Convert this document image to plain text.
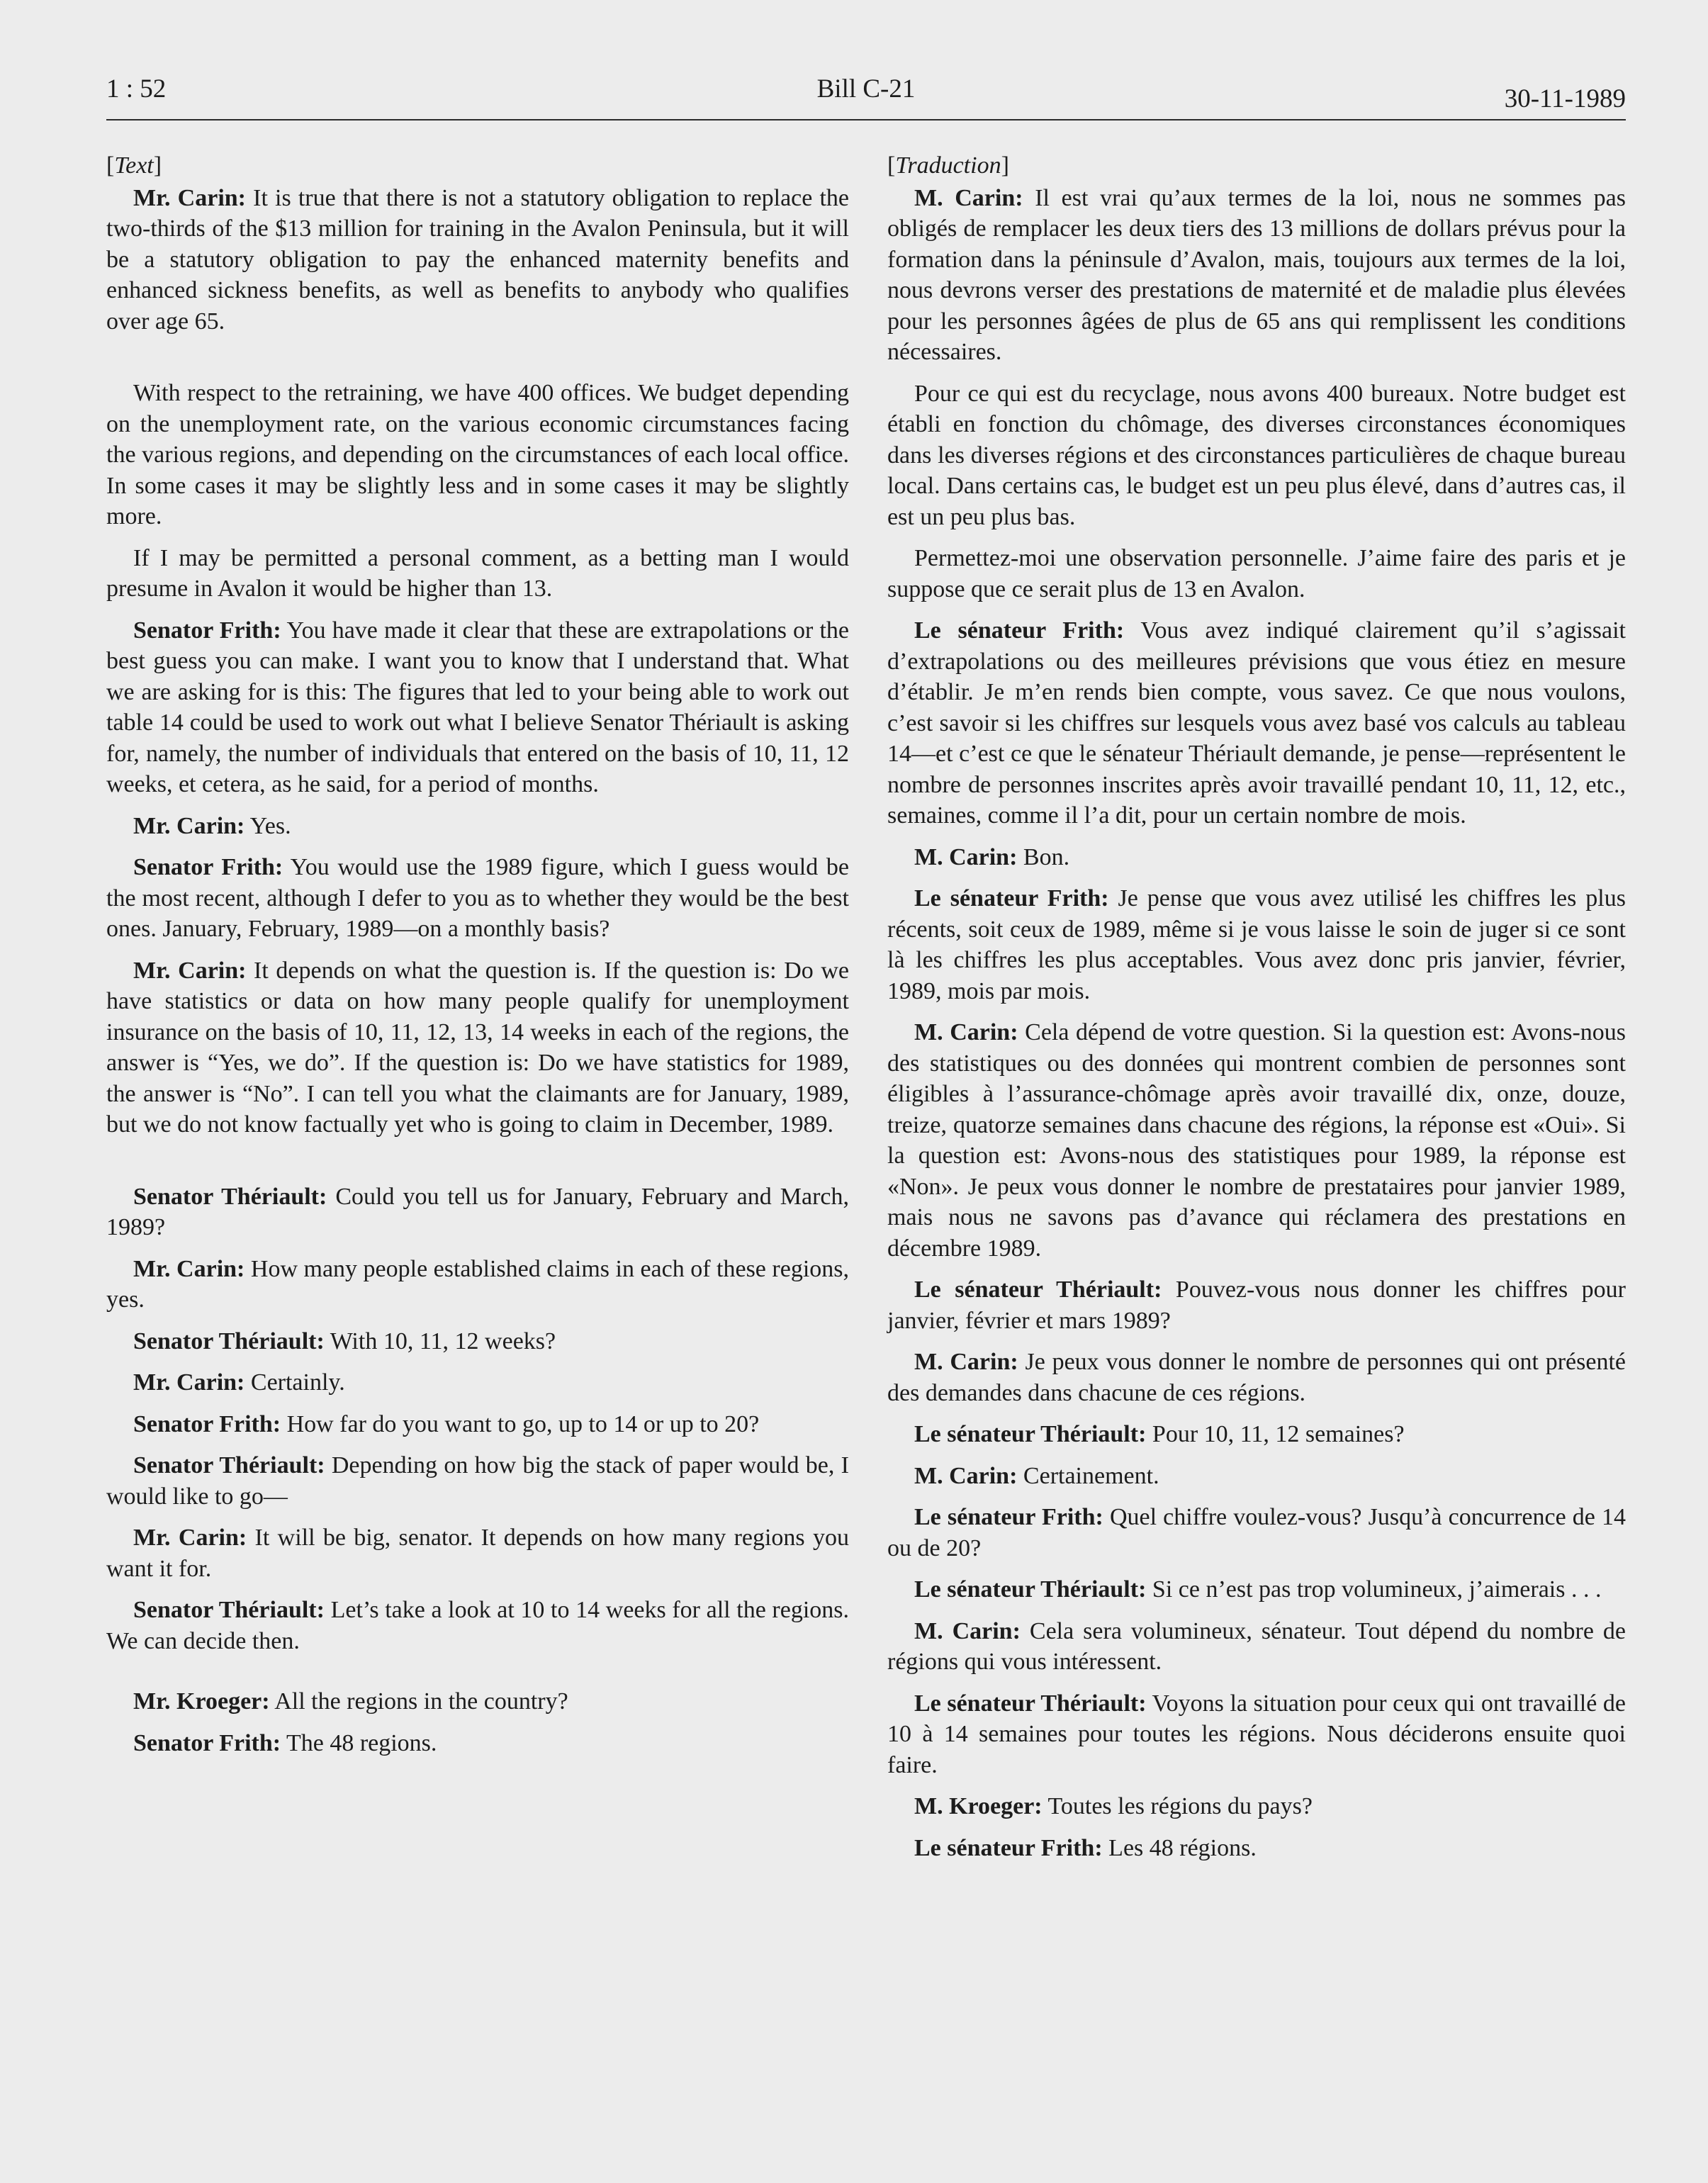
1 : 52	Bill C-21	30-11-1989

[Text]

Mr. Carin: It is true that there is not a statutory obligation to replace the two-thirds of the $13 million for training in the Avalon Peninsula, but it will be a statutory obligation to pay the enhanced maternity benefits and enhanced sickness benefits, as well as benefits to anybody who qualifies over age 65.

With respect to the retraining, we have 400 offices. We budget depending on the unemployment rate, on the various economic circumstances facing the various regions, and depending on the circumstances of each local office. In some cases it may be slightly less and in some cases it may be slightly more.

If I may be permitted a personal comment, as a betting man I would presume in Avalon it would be higher than 13.

Senator Frith: You have made it clear that these are extrapolations or the best guess you can make. I want you to know that I understand that. What we are asking for is this: The figures that led to your being able to work out table 14 could be used to work out what I believe Senator Thériault is asking for, namely, the number of individuals that entered on the basis of 10, 11, 12 weeks, et cetera, as he said, for a period of months.

Mr. Carin: Yes.

Senator Frith: You would use the 1989 figure, which I guess would be the most recent, although I defer to you as to whether they would be the best ones. January, February, 1989—on a monthly basis?

Mr. Carin: It depends on what the question is. If the question is: Do we have statistics or data on how many people qualify for unemployment insurance on the basis of 10, 11, 12, 13, 14 weeks in each of the regions, the answer is “Yes, we do”. If the question is: Do we have statistics for 1989, the answer is “No”. I can tell you what the claimants are for January, 1989, but we do not know factually yet who is going to claim in December, 1989.

Senator Thériault: Could you tell us for January, February and March, 1989?

Mr. Carin: How many people established claims in each of these regions, yes.

Senator Thériault: With 10, 11, 12 weeks?

Mr. Carin: Certainly.

Senator Frith: How far do you want to go, up to 14 or up to 20?

Senator Thériault: Depending on how big the stack of paper would be, I would like to go—

Mr. Carin: It will be big, senator. It depends on how many regions you want it for.

Senator Thériault: Let’s take a look at 10 to 14 weeks for all the regions. We can decide then.

Mr. Kroeger: All the regions in the country?

Senator Frith: The 48 regions.

[Traduction]

M. Carin: Il est vrai qu’aux termes de la loi, nous ne sommes pas obligés de remplacer les deux tiers des 13 millions de dollars prévus pour la formation dans la péninsule d’Avalon, mais, toujours aux termes de la loi, nous devrons verser des prestations de maternité et de maladie plus élevées pour les personnes âgées de plus de 65 ans qui remplissent les conditions nécessaires.

Pour ce qui est du recyclage, nous avons 400 bureaux. Notre budget est établi en fonction du chômage, des diverses circonstances économiques dans les diverses régions et des circonstances particulières de chaque bureau local. Dans certains cas, le budget est un peu plus élevé, dans d’autres cas, il est un peu plus bas.

Permettez-moi une observation personnelle. J’aime faire des paris et je suppose que ce serait plus de 13 en Avalon.

Le sénateur Frith: Vous avez indiqué clairement qu’il s’agissait d’extrapolations ou des meilleures prévisions que vous étiez en mesure d’établir. Je m’en rends bien compte, vous savez. Ce que nous voulons, c’est savoir si les chiffres sur lesquels vous avez basé vos calculs au tableau 14—et c’est ce que le sénateur Thériault demande, je pense—représentent le nombre de personnes inscrites après avoir travaillé pendant 10, 11, 12, etc., semaines, comme il l’a dit, pour un certain nombre de mois.

M. Carin: Bon.

Le sénateur Frith: Je pense que vous avez utilisé les chiffres les plus récents, soit ceux de 1989, même si je vous laisse le soin de juger si ce sont là les chiffres les plus acceptables. Vous avez donc pris janvier, février, 1989, mois par mois.

M. Carin: Cela dépend de votre question. Si la question est: Avons-nous des statistiques ou des données qui montrent combien de personnes sont éligibles à l’assurance-chômage après avoir travaillé dix, onze, douze, treize, quatorze semaines dans chacune des régions, la réponse est «Oui». Si la question est: Avons-nous des statistiques pour 1989, la réponse est «Non». Je peux vous donner le nombre de prestataires pour janvier 1989, mais nous ne savons pas d’avance qui réclamera des prestations en décembre 1989.

Le sénateur Thériault: Pouvez-vous nous donner les chiffres pour janvier, février et mars 1989?

M. Carin: Je peux vous donner le nombre de personnes qui ont présenté des demandes dans chacune de ces régions.

Le sénateur Thériault: Pour 10, 11, 12 semaines?

M. Carin: Certainement.

Le sénateur Frith: Quel chiffre voulez-vous? Jusqu’à concurrence de 14 ou de 20?

Le sénateur Thériault: Si ce n’est pas trop volumineux, j’aimerais . . .

M. Carin: Cela sera volumineux, sénateur. Tout dépend du nombre de régions qui vous intéressent.

Le sénateur Thériault: Voyons la situation pour ceux qui ont travaillé de 10 à 14 semaines pour toutes les régions. Nous déciderons ensuite quoi faire.

M. Kroeger: Toutes les régions du pays?

Le sénateur Frith: Les 48 régions.
